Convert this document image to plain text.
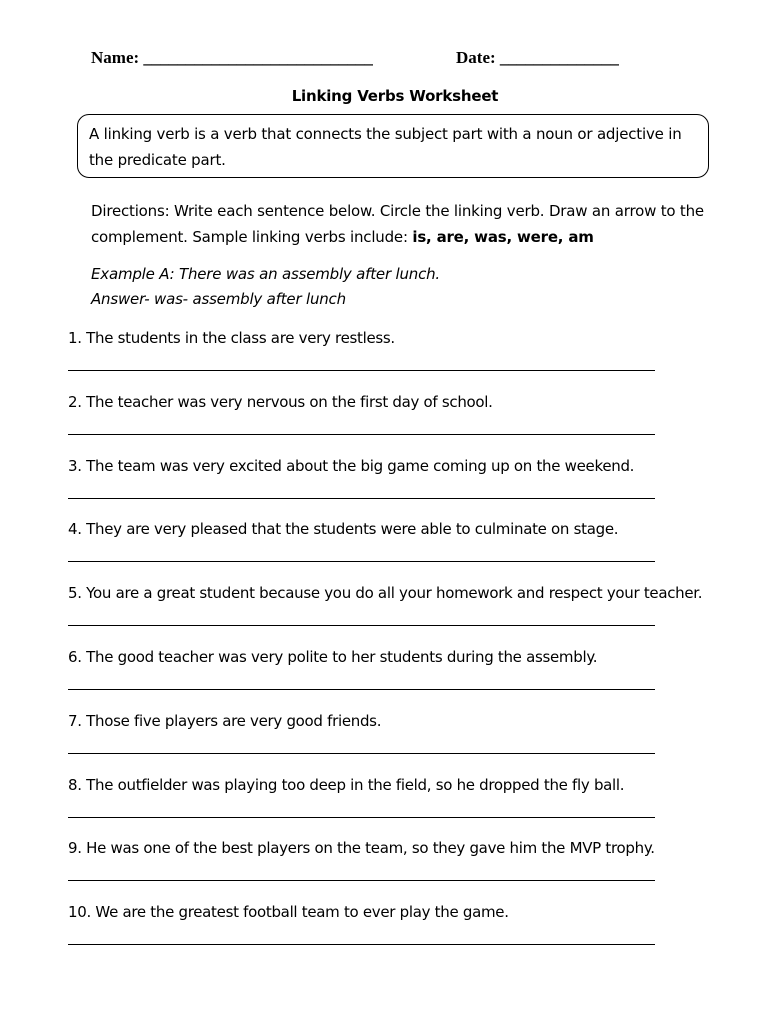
Name: ___________________________	Date: ______________
Linking Verbs Worksheet
A linking verb is a verb that connects the subject part with a noun or adjective in the predicate part.
Directions: Write each sentence below. Circle the linking verb. Draw an arrow to the complement. Sample linking verbs include: is, are, was, were, am
Example A: There was an assembly after lunch.
Answer- was- assembly after lunch
1. The students in the class are very restless.
2. The teacher was very nervous on the first day of school.
3. The team was very excited about the big game coming up on the weekend.
4. They are very pleased that the students were able to culminate on stage.
5. You are a great student because you do all your homework and respect your teacher.
6. The good teacher was very polite to her students during the assembly.
7. Those five players are very good friends.
8. The outfielder was playing too deep in the field, so he dropped the fly ball.
9. He was one of the best players on the team, so they gave him the MVP trophy.
10. We are the greatest football team to ever play the game.
